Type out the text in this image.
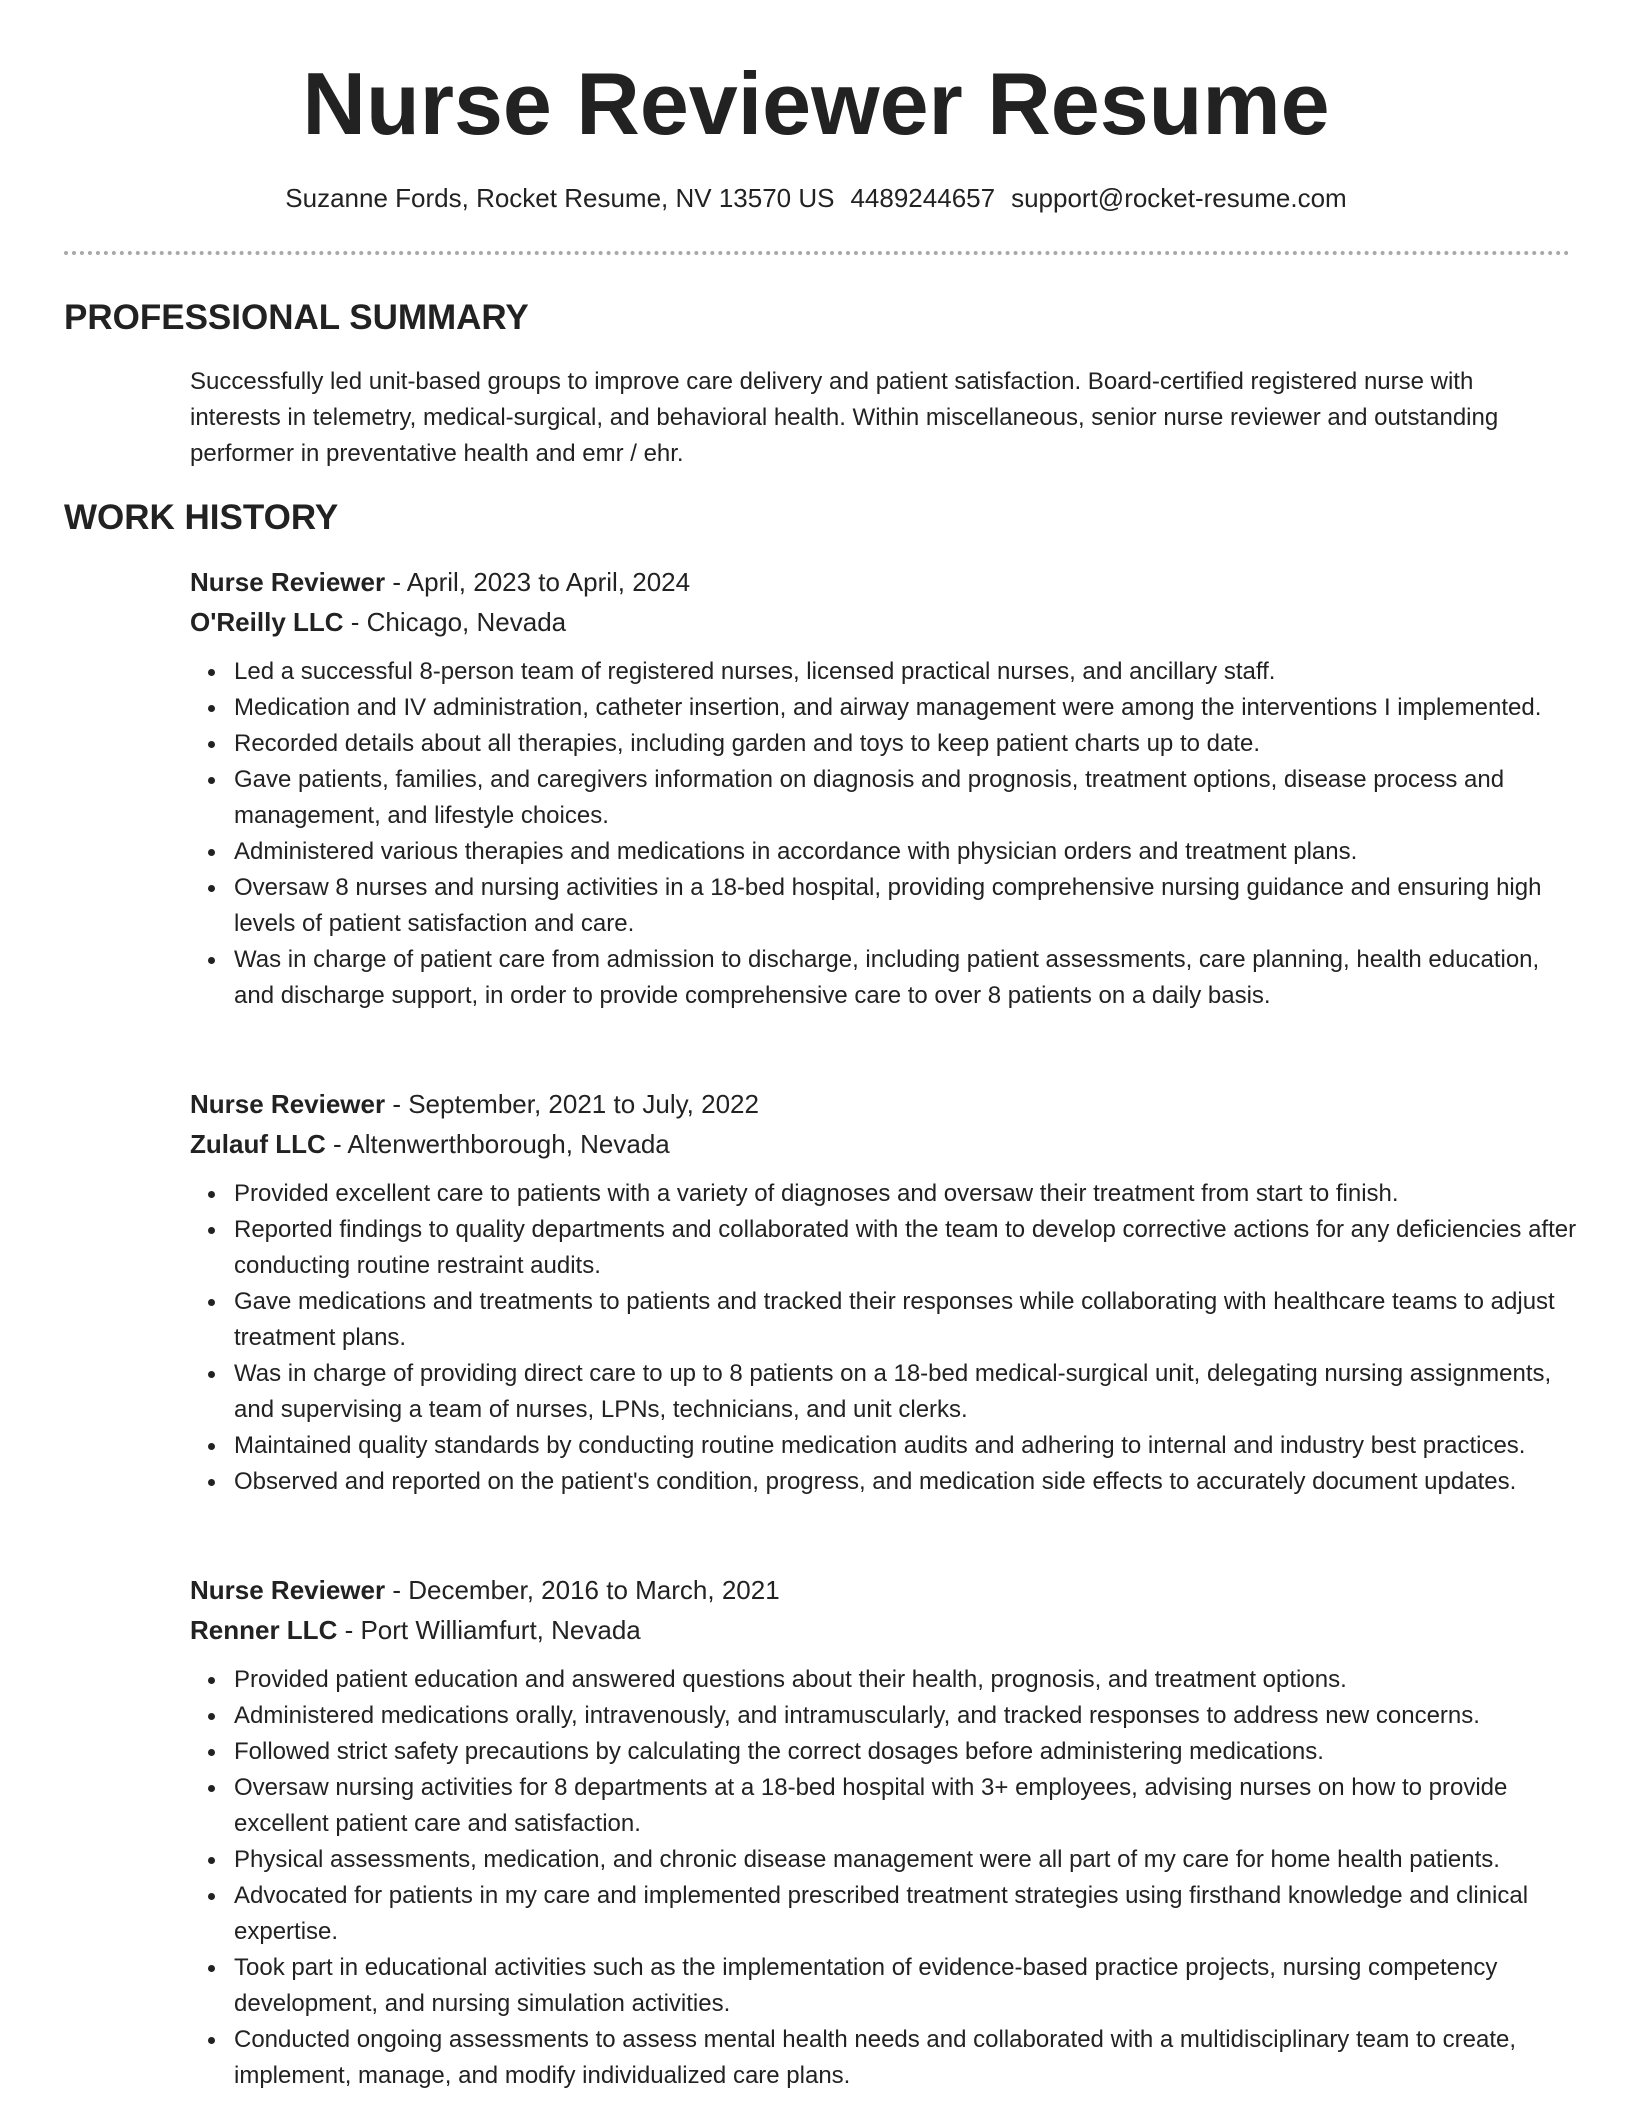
Nurse Reviewer Resume
Suzanne Fords, Rocket Resume, NV 13570 US 4489244657 support@rocket-resume.com
PROFESSIONAL SUMMARY

Successfully led unit-based groups to improve care delivery and patient satisfaction. Board-certified registered nurse with interests in telemetry, medical-surgical, and behavioral health. Within miscellaneous, senior nurse reviewer and outstanding performer in preventative health and emr / ehr.

WORK HISTORY
Nurse Reviewer - April, 2023 to April, 2024
O'Reilly LLC - Chicago, Nevada
Led a successful 8-person team of registered nurses, licensed practical nurses, and ancillary staff.
Medication and IV administration, catheter insertion, and airway management were among the interventions I implemented.
Recorded details about all therapies, including garden and toys to keep patient charts up to date.
Gave patients, families, and caregivers information on diagnosis and prognosis, treatment options, disease process and management, and lifestyle choices.
Administered various therapies and medications in accordance with physician orders and treatment plans.
Oversaw 8 nurses and nursing activities in a 18-bed hospital, providing comprehensive nursing guidance and ensuring high levels of patient satisfaction and care.
Was in charge of patient care from admission to discharge, including patient assessments, care planning, health education, and discharge support, in order to provide comprehensive care to over 8 patients on a daily basis.
Nurse Reviewer - September, 2021 to July, 2022
Zulauf LLC - Altenwerthborough, Nevada
Provided excellent care to patients with a variety of diagnoses and oversaw their treatment from start to finish.
Reported findings to quality departments and collaborated with the team to develop corrective actions for any deficiencies after conducting routine restraint audits.
Gave medications and treatments to patients and tracked their responses while collaborating with healthcare teams to adjust treatment plans.
Was in charge of providing direct care to up to 8 patients on a 18-bed medical-surgical unit, delegating nursing assignments, and supervising a team of nurses, LPNs, technicians, and unit clerks.
Maintained quality standards by conducting routine medication audits and adhering to internal and industry best practices.
Observed and reported on the patient's condition, progress, and medication side effects to accurately document updates.
Nurse Reviewer - December, 2016 to March, 2021
Renner LLC - Port Williamfurt, Nevada
Provided patient education and answered questions about their health, prognosis, and treatment options.
Administered medications orally, intravenously, and intramuscularly, and tracked responses to address new concerns.
Followed strict safety precautions by calculating the correct dosages before administering medications.
Oversaw nursing activities for 8 departments at a 18-bed hospital with 3+ employees, advising nurses on how to provide excellent patient care and satisfaction.
Physical assessments, medication, and chronic disease management were all part of my care for home health patients.
Advocated for patients in my care and implemented prescribed treatment strategies using firsthand knowledge and clinical expertise.
Took part in educational activities such as the implementation of evidence-based practice projects, nursing competency development, and nursing simulation activities.
Conducted ongoing assessments to assess mental health needs and collaborated with a multidisciplinary team to create, implement, manage, and modify individualized care plans.
